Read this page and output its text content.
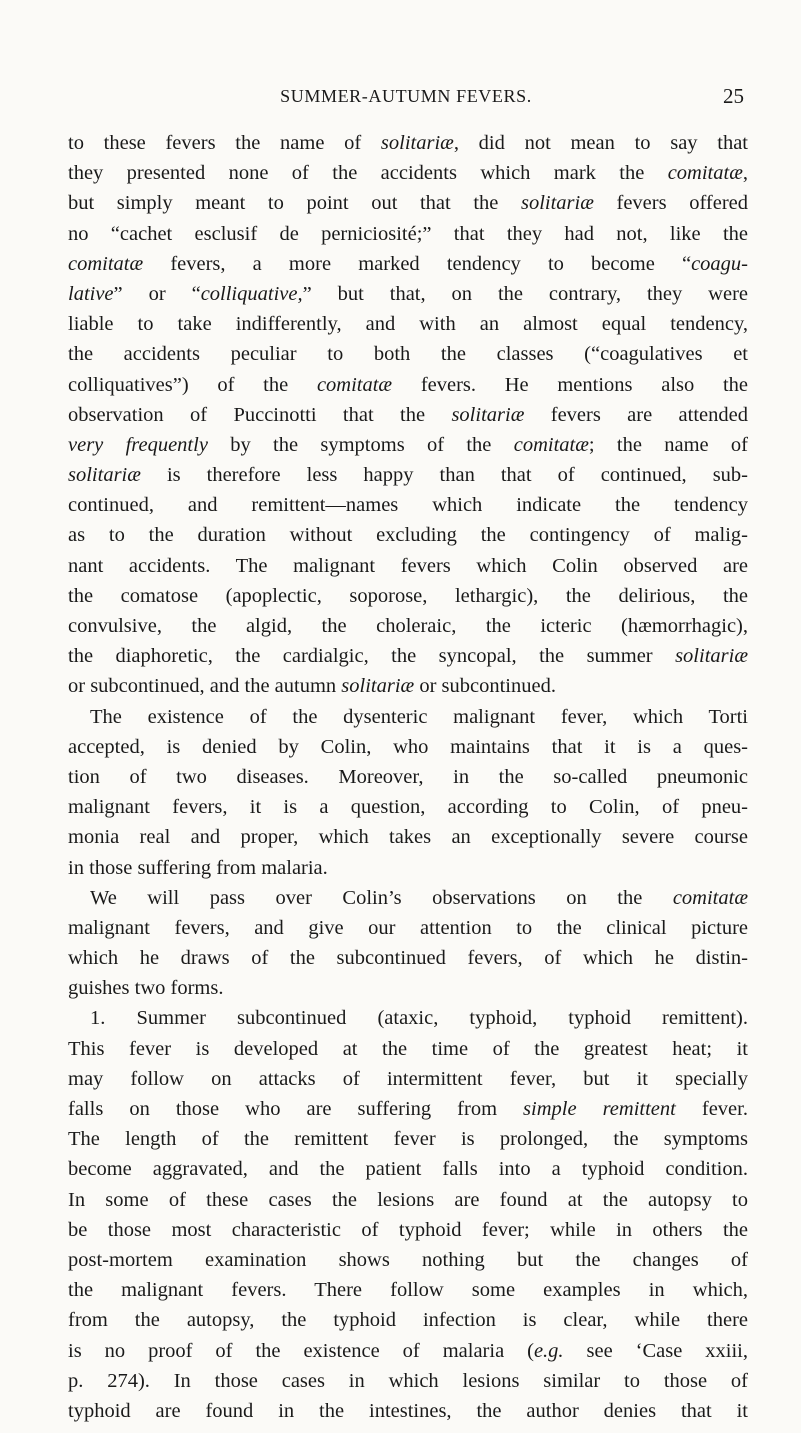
SUMMER-AUTUMN FEVERS.	25
to these fevers the name of solitariæ, did not mean to say that
they presented none of the accidents which mark the comitatæ,
but simply meant to point out that the solitariæ fevers offered
no “cachet esclusif de perniciosité;” that they had not, like the
comitatæ fevers, a more marked tendency to become “coagu-
lative” or “colliquative,” but that, on the contrary, they were
liable to take indifferently, and with an almost equal tendency,
the accidents peculiar to both the classes (“coagulatives et
colliquatives”) of the comitatæ fevers. He mentions also the
observation of Puccinotti that the solitariæ fevers are attended
very frequently by the symptoms of the comitatæ; the name of
solitariæ is therefore less happy than that of continued, sub-
continued, and remittent—names which indicate the tendency
as to the duration without excluding the contingency of malig-
nant accidents. The malignant fevers which Colin observed are
the comatose (apoplectic, soporose, lethargic), the delirious, the
convulsive, the algid, the choleraic, the icteric (hæmorrhagic),
the diaphoretic, the cardialgic, the syncopal, the summer solitariæ
or subcontinued, and the autumn solitariæ or subcontinued.
The existence of the dysenteric malignant fever, which Torti
accepted, is denied by Colin, who maintains that it is a ques-
tion of two diseases. Moreover, in the so-called pneumonic
malignant fevers, it is a question, according to Colin, of pneu-
monia real and proper, which takes an exceptionally severe course
in those suffering from malaria.
We will pass over Colin’s observations on the comitatæ
malignant fevers, and give our attention to the clinical picture
which he draws of the subcontinued fevers, of which he distin-
guishes two forms.
1. Summer subcontinued (ataxic, typhoid, typhoid remittent).
This fever is developed at the time of the greatest heat; it
may follow on attacks of intermittent fever, but it specially
falls on those who are suffering from simple remittent fever.
The length of the remittent fever is prolonged, the symptoms
become aggravated, and the patient falls into a typhoid condition.
In some of these cases the lesions are found at the autopsy to
be those most characteristic of typhoid fever; while in others the
post-mortem examination shows nothing but the changes of
the malignant fevers. There follow some examples in which,
from the autopsy, the typhoid infection is clear, while there
is no proof of the existence of malaria (e.g. see ‘Case xxiii,
p. 274). In those cases in which lesions similar to those of
typhoid are found in the intestines, the author denies that it
